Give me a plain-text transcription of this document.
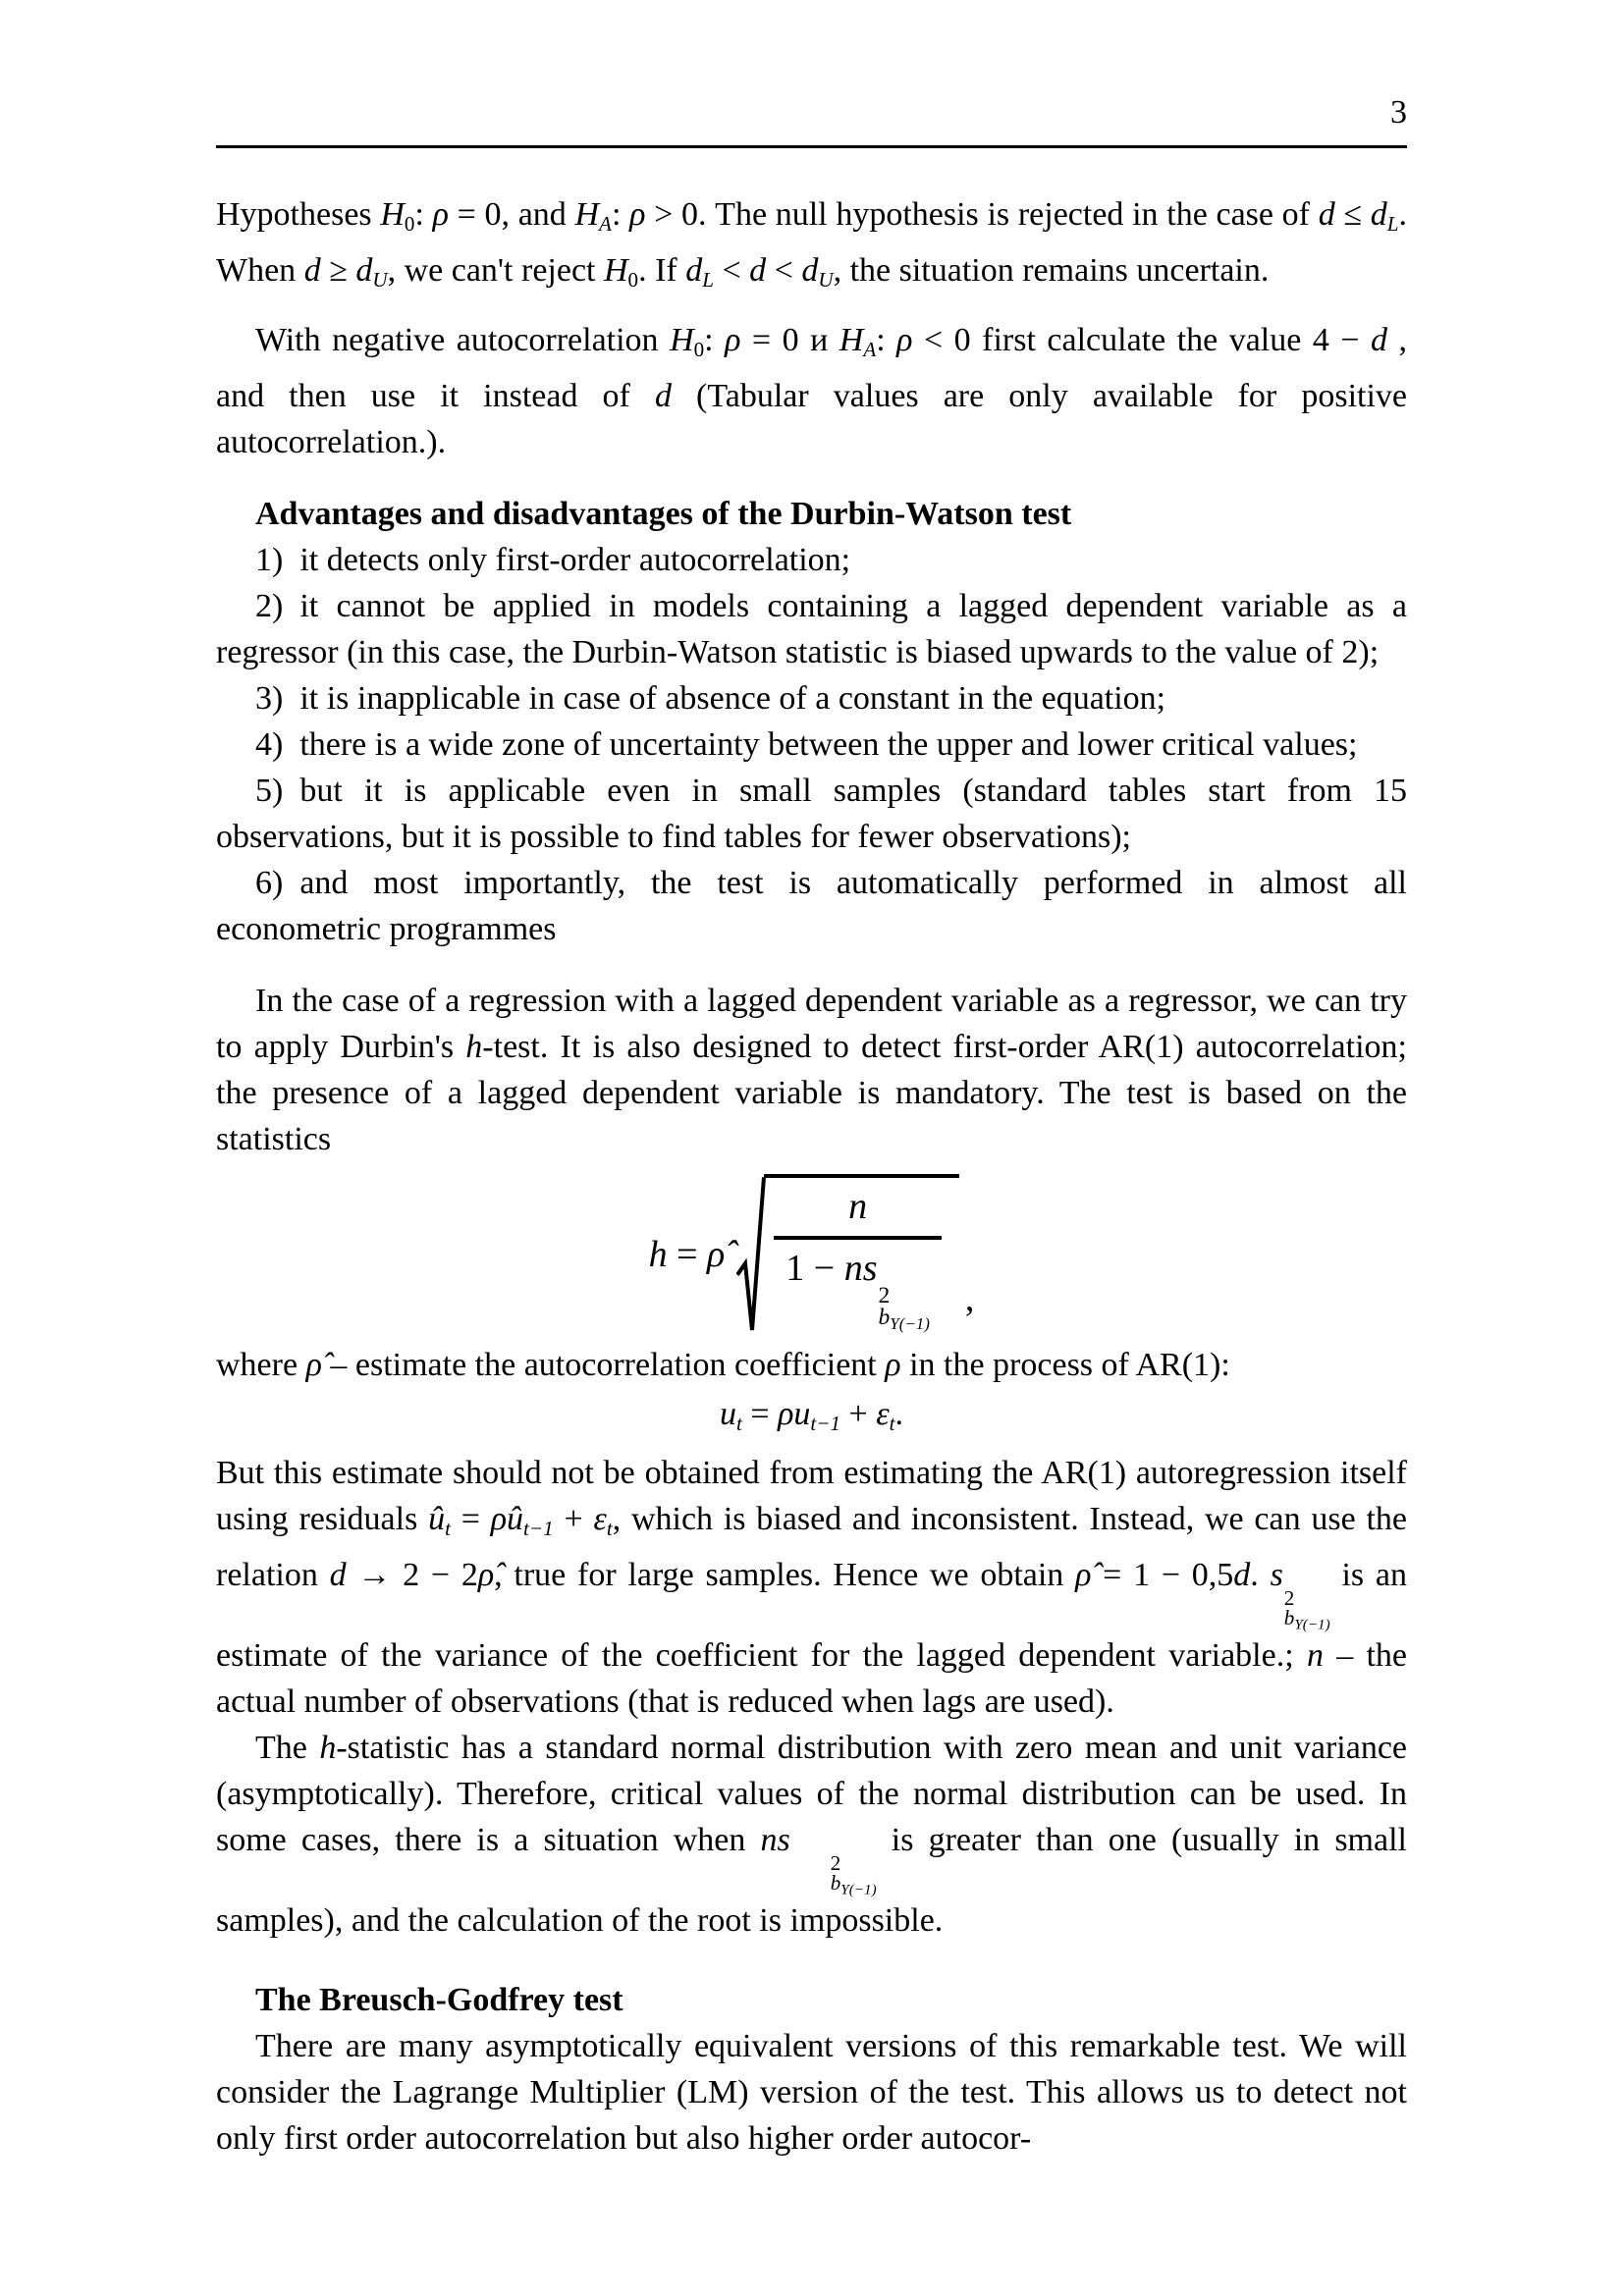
3

Hypotheses H0: ρ = 0, and HA: ρ > 0. The null hypothesis is rejected in the case of d ≤ dL. When d ≥ dU, we can't reject H0. If dL < d < dU, the situation remains uncertain.

With negative autocorrelation H0: ρ = 0 и HA: ρ < 0 first calculate the value 4 − d , and then use it instead of d (Tabular values are only available for positive autocorrelation.).

Advantages and disadvantages of the Durbin-Watson test

1) it detects only first-order autocorrelation;

2) it cannot be applied in models containing a lagged dependent variable as a regressor (in this case, the Durbin-Watson statistic is biased upwards to the value of 2);

3) it is inapplicable in case of absence of a constant in the equation;

4) there is a wide zone of uncertainty between the upper and lower critical values;

5) but it is applicable even in small samples (standard tables start from 15 observations, but it is possible to find tables for fewer observations);

6) and most importantly, the test is automatically performed in almost all econometric programmes

In the case of a regression with a lagged dependent variable as a regressor, we can try to apply Durbin's h-test. It is also designed to detect first-order AR(1) autocorrelation; the presence of a lagged dependent variable is mandatory. The test is based on the statistics

h = ρ̂ n
1 − ns
2
$b_{Y(-1)}$ ,

where ρ̂ – estimate the autocorrelation coefficient ρ in the process of AR(1):

ut = ρut−1 + εt.

But this estimate should not be obtained from estimating the AR(1) autoregression itself using residuals ût = ρût−1 + εt, which is biased and inconsistent. Instead, we can use the relation d → 2 − 2ρ̂, true for large samples. Hence we obtain ρ̂ = 1 − 0,5d. s
2
$b_{Y(-1)}$
is an estimate of the variance of the coefficient for the lagged dependent variable.; n – the actual number of observations (that is reduced when lags are used).

The h-statistic has a standard normal distribution with zero mean and unit variance (asymptotically). Therefore, critical values of the normal distribution can be used. In some cases, there is a situation when ns
2
$b_{Y(-1)}$
is greater than one (usually in small samples), and the calculation of the root is impossible.

The Breusch-Godfrey test

There are many asymptotically equivalent versions of this remarkable test. We will consider the Lagrange Multiplier (LM) version of the test. This allows us to detect not only first order autocorrelation but also higher order autocor-
